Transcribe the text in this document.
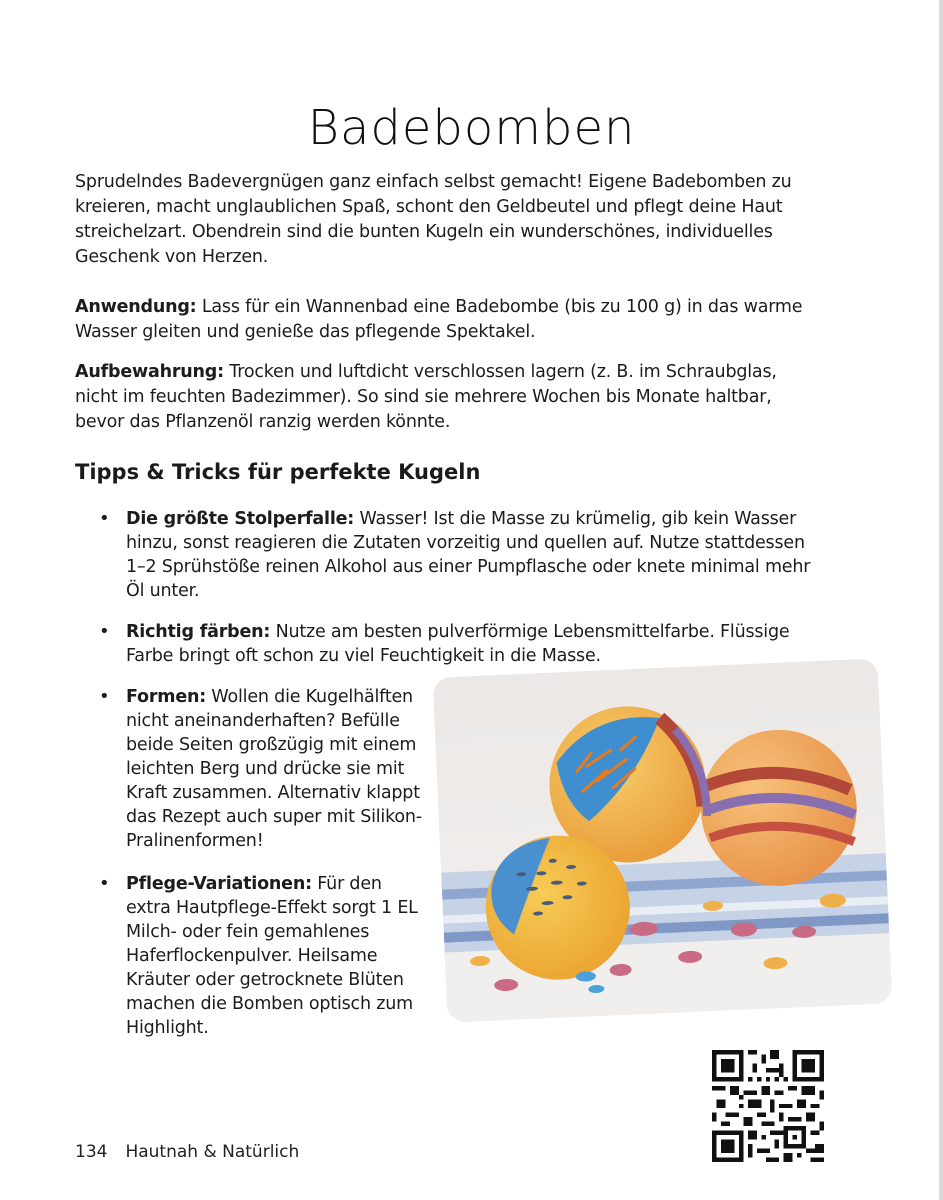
Badebomben

Sprudelndes Badevergnügen ganz einfach selbst gemacht! Eigene Badebomben zu kreieren, macht unglaublichen Spaß, schont den Geldbeutel und pflegt deine Haut streichelzart. Obendrein sind die bunten Kugeln ein wunderschönes, individuelles Geschenk von Herzen.

Anwendung: Lass für ein Wannenbad eine Badebombe (bis zu 100 g) in das warme Wasser gleiten und genieße das pflegende Spektakel.

Aufbewahrung: Trocken und luftdicht verschlossen lagern (z. B. im Schraubglas, nicht im feuchten Badezimmer). So sind sie mehrere Wochen bis Monate haltbar, bevor das Pflanzenöl ranzig werden könnte.

Tipps & Tricks für perfekte Kugeln
• Die größte Stolperfalle: Wasser! Ist die Masse zu krümelig, gib kein Wasser hinzu, sonst reagieren die Zutaten vorzeitig und quellen auf. Nutze stattdessen 1–2 Sprühstöße reinen Alkohol aus einer Pumpflasche oder knete minimal mehr Öl unter.
• Richtig färben: Nutze am besten pulverförmige Lebensmittelfarbe. Flüssige Farbe bringt oft schon zu viel Feuchtigkeit in die Masse.
• Formen: Wollen die Kugelhälften nicht aneinanderhaften? Befülle beide Seiten großzügig mit einem leichten Berg und drücke sie mit Kraft zusammen. Alternativ klappt das Rezept auch super mit Silikon-Pralinenformen!
• Pflege-Variationen: Für den extra Hautpflege-Effekt sorgt 1 EL Milch- oder fein gemahlenes Haferflockenpulver. Heilsame Kräuter oder getrocknete Blüten machen die Bomben optisch zum Highlight.
134 Hautnah & Natürlich
